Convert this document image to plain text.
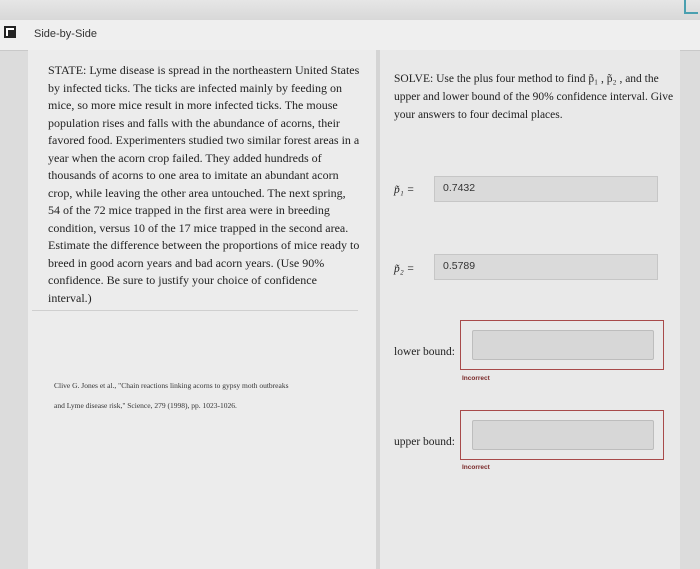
Side-by-Side
STATE: Lyme disease is spread in the northeastern United States by infected ticks. The ticks are infected mainly by feeding on mice, so more mice result in more infected ticks. The mouse population rises and falls with the abundance of acorns, their favored food. Experimenters studied two similar forest areas in a year when the acorn crop failed. They added hundreds of thousands of acorns to one area to imitate an abundant acorn crop, while leaving the other area untouched. The next spring, 54 of the 72 mice trapped in the first area were in breeding condition, versus 10 of the 17 mice trapped in the second area. Estimate the difference between the proportions of mice ready to breed in good acorn years and bad acorn years. (Use 90% confidence. Be sure to justify your choice of confidence interval.)
Clive G. Jones et al., "Chain reactions linking acorns to gypsy moth outbreaks
and Lyme disease risk," Science, 279 (1998), pp. 1023-1026.
SOLVE: Use the plus four method to find p̃₁ , p̃₂ , and the upper and lower bound of the 90% confidence interval. Give your answers to four decimal places.
p̃₁ =	0.7432
p̃₂ =	0.5789
lower bound:
Incorrect
upper bound:
Incorrect
